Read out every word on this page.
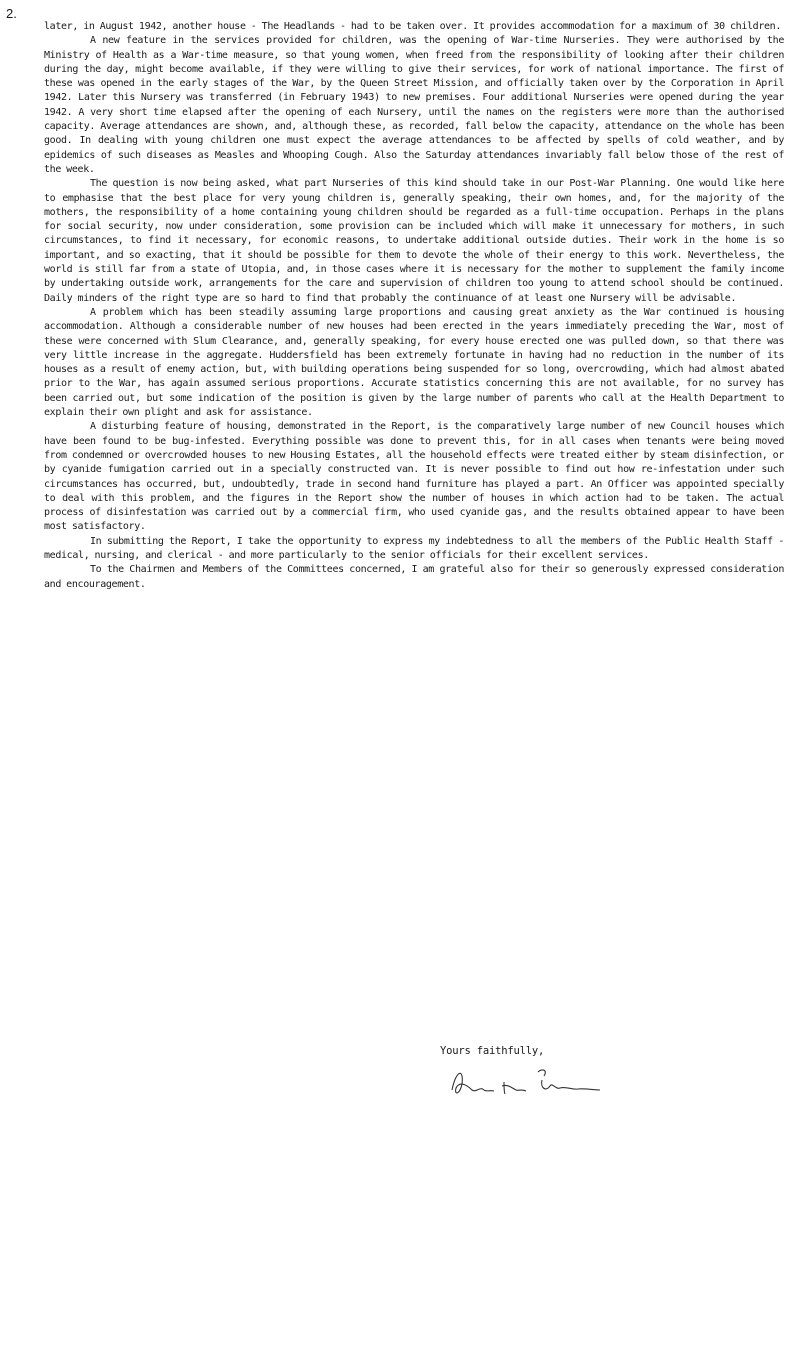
2.

later, in August 1942, another house - The Headlands - had to be taken over. It provides accommodation for a maximum of 30 children.

A new feature in the services provided for children, was the opening of War-time Nurseries. They were authorised by the Ministry of Health as a War-time measure, so that young women, when freed from the responsibility of looking after their children during the day, might become available, if they were willing to give their services, for work of national importance. The first of these was opened in the early stages of the War, by the Queen Street Mission, and officially taken over by the Corporation in April 1942. Later this Nursery was transferred (in February 1943) to new premises. Four additional Nurseries were opened during the year 1942. A very short time elapsed after the opening of each Nursery, until the names on the registers were more than the authorised capacity. Average attendances are shown, and, although these, as recorded, fall below the capacity, attendance on the whole has been good. In dealing with young children one must expect the average attendances to be affected by spells of cold weather, and by epidemics of such diseases as Measles and Whooping Cough. Also the Saturday attendances invariably fall below those of the rest of the week.

The question is now being asked, what part Nurseries of this kind should take in our Post-War Planning. One would like here to emphasise that the best place for very young children is, generally speaking, their own homes, and, for the majority of the mothers, the responsibility of a home containing young children should be regarded as a full-time occupation. Perhaps in the plans for social security, now under consideration, some provision can be included which will make it unnecessary for mothers, in such circumstances, to find it necessary, for economic reasons, to undertake additional outside duties. Their work in the home is so important, and so exacting, that it should be possible for them to devote the whole of their energy to this work. Nevertheless, the world is still far from a state of Utopia, and, in those cases where it is necessary for the mother to supplement the family income by undertaking outside work, arrangements for the care and supervision of children too young to attend school should be continued. Daily minders of the right type are so hard to find that probably the continuance of at least one Nursery will be advisable.

A problem which has been steadily assuming large proportions and causing great anxiety as the War continued is housing accommodation. Although a considerable number of new houses had been erected in the years immediately preceding the War, most of these were concerned with Slum Clearance, and, generally speaking, for every house erected one was pulled down, so that there was very little increase in the aggregate. Huddersfield has been extremely fortunate in having had no reduction in the number of its houses as a result of enemy action, but, with building operations being suspended for so long, overcrowding, which had almost abated prior to the War, has again assumed serious proportions. Accurate statistics concerning this are not available, for no survey has been carried out, but some indication of the position is given by the large number of parents who call at the Health Department to explain their own plight and ask for assistance.

A disturbing feature of housing, demonstrated in the Report, is the comparatively large number of new Council houses which have been found to be bug-infested. Everything possible was done to prevent this, for in all cases when tenants were being moved from condemned or overcrowded houses to new Housing Estates, all the household effects were treated either by steam disinfection, or by cyanide fumigation carried out in a specially constructed van. It is never possible to find out how re-infestation under such circumstances has occurred, but, undoubtedly, trade in second hand furniture has played a part. An Officer was appointed specially to deal with this problem, and the figures in the Report show the number of houses in which action had to be taken. The actual process of disinfestation was carried out by a commercial firm, who used cyanide gas, and the results obtained appear to have been most satisfactory.

In submitting the Report, I take the opportunity to express my indebtedness to all the members of the Public Health Staff - medical, nursing, and clerical - and more particularly to the senior officials for their excellent services.

To the Chairmen and Members of the Committees concerned, I am grateful also for their so generously expressed consideration and encouragement.

Yours faithfully,
